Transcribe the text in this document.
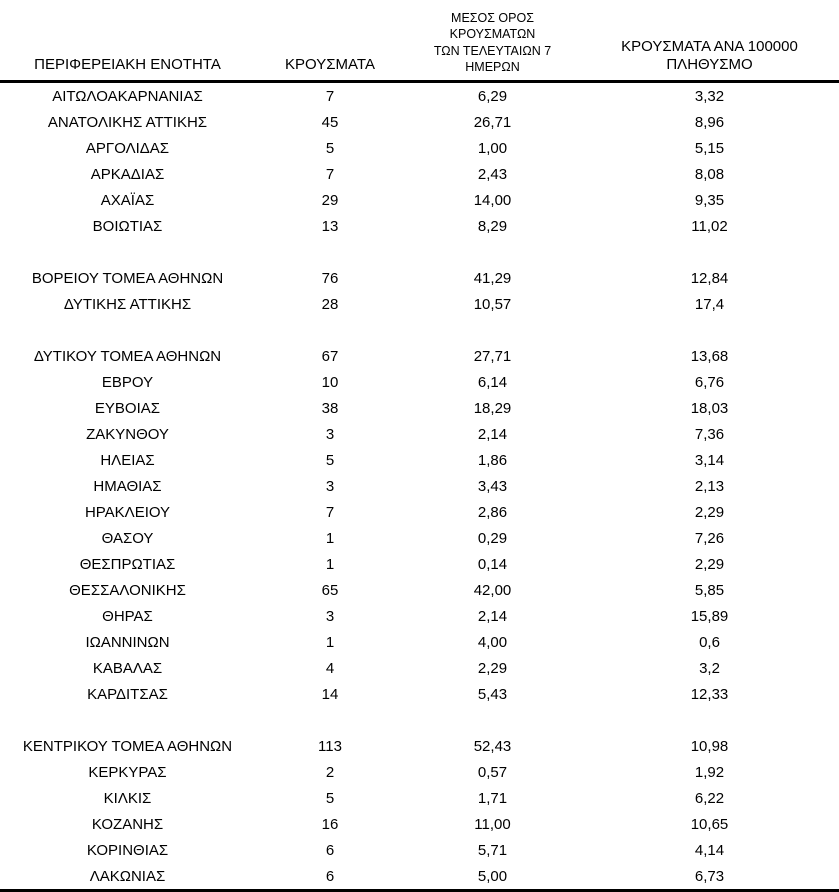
ΠΕΡΙΦΕΡΕΙΑΚΗ ΕΝΟΤΗΤΑ	ΚΡΟΥΣΜΑΤΑ	ΜΕΣΟΣ ΟΡΟΣ ΚΡΟΥΣΜΑΤΩΝ
ΤΩΝ ΤΕΛΕΥΤΑΙΩΝ 7 ΗΜΕΡΩΝ	ΚΡΟΥΣΜΑΤΑ ΑΝΑ 100000
ΠΛΗΘΥΣΜΟ

ΑΙΤΩΛΟΑΚΑΡΝΑΝΙΑΣ	7	6,29	3,32
ΑΝΑΤΟΛΙΚΗΣ ΑΤΤΙΚΗΣ	45	26,71	8,96
ΑΡΓΟΛΙΔΑΣ	5	1,00	5,15
ΑΡΚΑΔΙΑΣ	7	2,43	8,08
ΑΧΑΪΑΣ	29	14,00	9,35
ΒΟΙΩΤΙΑΣ	13	8,29	11,02

ΒΟΡΕΙΟΥ ΤΟΜΕΑ ΑΘΗΝΩΝ	76	41,29	12,84
ΔΥΤΙΚΗΣ ΑΤΤΙΚΗΣ	28	10,57	17,4

ΔΥΤΙΚΟΥ ΤΟΜΕΑ ΑΘΗΝΩΝ	67	27,71	13,68
ΕΒΡΟΥ	10	6,14	6,76
ΕΥΒΟΙΑΣ	38	18,29	18,03
ΖΑΚΥΝΘΟΥ	3	2,14	7,36
ΗΛΕΙΑΣ	5	1,86	3,14
ΗΜΑΘΙΑΣ	3	3,43	2,13
ΗΡΑΚΛΕΙΟΥ	7	2,86	2,29
ΘΑΣΟΥ	1	0,29	7,26
ΘΕΣΠΡΩΤΙΑΣ	1	0,14	2,29
ΘΕΣΣΑΛΟΝΙΚΗΣ	65	42,00	5,85
ΘΗΡΑΣ	3	2,14	15,89
ΙΩΑΝΝΙΝΩΝ	1	4,00	0,6
ΚΑΒΑΛΑΣ	4	2,29	3,2
ΚΑΡΔΙΤΣΑΣ	14	5,43	12,33

ΚΕΝΤΡΙΚΟΥ ΤΟΜΕΑ ΑΘΗΝΩΝ	113	52,43	10,98
ΚΕΡΚΥΡΑΣ	2	0,57	1,92
ΚΙΛΚΙΣ	5	1,71	6,22
ΚΟΖΑΝΗΣ	16	11,00	10,65
ΚΟΡΙΝΘΙΑΣ	6	5,71	4,14
ΛΑΚΩΝΙΑΣ	6	5,00	6,73
